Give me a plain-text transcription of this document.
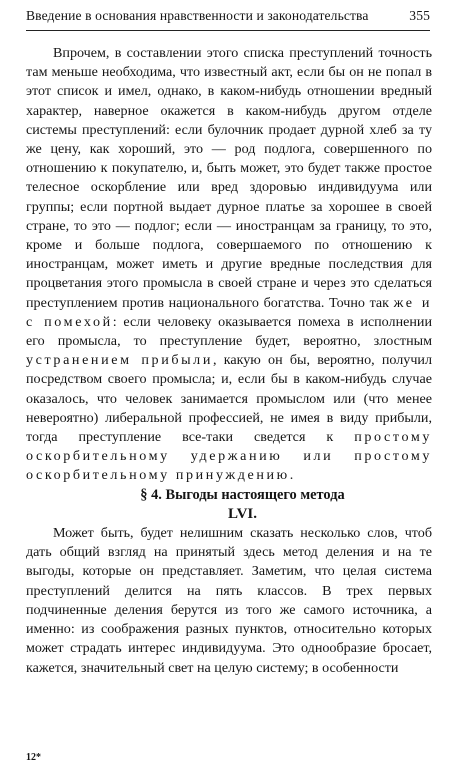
Введение в основания нравственности и законодательства	355

Впрочем, в составлении этого списка преступлений точность там меньше необходима, что известный акт, если бы он не попал в этот список и имел, однако, в каком-нибудь отношении вредный характер, наверное окажется в каком-нибудь другом отделе системы преступлений: если булочник продает дурной хлеб за ту же цену, как хороший, это — род подлога, совершенного по отношению к покупателю, и, быть может, это будет также простое телесное оскорбление или вред здоровью индивидуума или группы; если портной выдает дурное платье за хорошее в своей стране, то это — подлог; если — иностранцам за границу, то это, кроме и больше подлога, совершаемого по отношению к иностранцам, может иметь и другие вредные последствия для процветания этого промысла в своей стране и через это сделаться преступлением против национального богатства. Точно так же и с помехой: если человеку оказывается помеха в исполнении его промысла, то преступление будет, вероятно, злостным устранением прибыли, какую он бы, вероятно, получил посредством своего промысла; и, если бы в каком-нибудь случае оказалось, что человек занимается промыслом или (что менее невероятно) либеральной профессией, не имея в виду прибыли, тогда преступление все-таки сведется к простому оскорбительному удержанию или простому оскорбительному принуждению.

§ 4. Выгоды настоящего метода

LVI.

Может быть, будет нелишним сказать несколько слов, чтоб дать общий взгляд на принятый здесь метод деления и на те выгоды, которые он представляет. Заметим, что целая система преступлений делится на пять классов. В трех первых подчиненные деления берутся из того же самого источника, а именно: из соображения разных пунктов, относительно которых может страдать интерес индивидуума. Это однообразие бросает, кажется, значительный свет на целую систему; в особенности

12*
